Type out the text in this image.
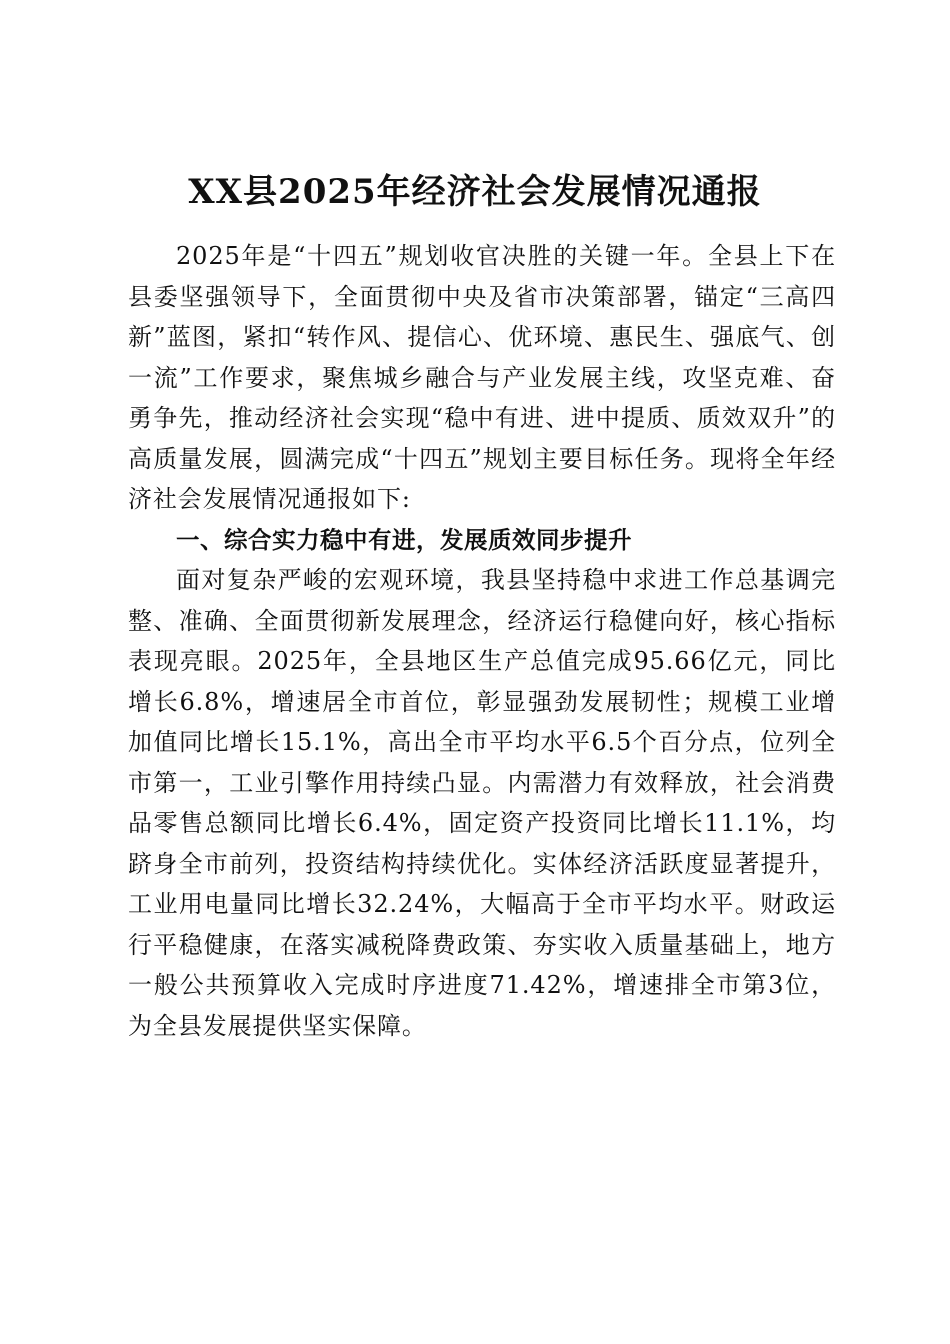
XX县2025年经济社会发展情况通报

2025年是“十四五”规划收官决胜的关键一年。全县上下在县委坚强领导下，全面贯彻中央及省市决策部署，锚定“三高四新”蓝图，紧扣“转作风、提信心、优环境、惠民生、强底气、创一流”工作要求，聚焦城乡融合与产业发展主线，攻坚克难、奋勇争先，推动经济社会实现“稳中有进、进中提质、质效双升”的高质量发展，圆满完成“十四五”规划主要目标任务。现将全年经济社会发展情况通报如下:

一、综合实力稳中有进，发展质效同步提升

面对复杂严峻的宏观环境，我县坚持稳中求进工作总基调完整、准确、全面贯彻新发展理念，经济运行稳健向好，核心指标表现亮眼。2025年，全县地区生产总值完成95.66亿元，同比增长6.8%，增速居全市首位，彰显强劲发展韧性；规模工业增加值同比增长15.1%，高出全市平均水平6.5个百分点，位列全市第一，工业引擎作用持续凸显。内需潜力有效释放，社会消费品零售总额同比增长6.4%，固定资产投资同比增长11.1%，均跻身全市前列，投资结构持续优化。实体经济活跃度显著提升，工业用电量同比增长32.24%，大幅高于全市平均水平。财政运行平稳健康，在落实减税降费政策、夯实收入质量基础上，地方一般公共预算收入完成时序进度71.42%，增速排全市第3位，为全县发展提供坚实保障。
